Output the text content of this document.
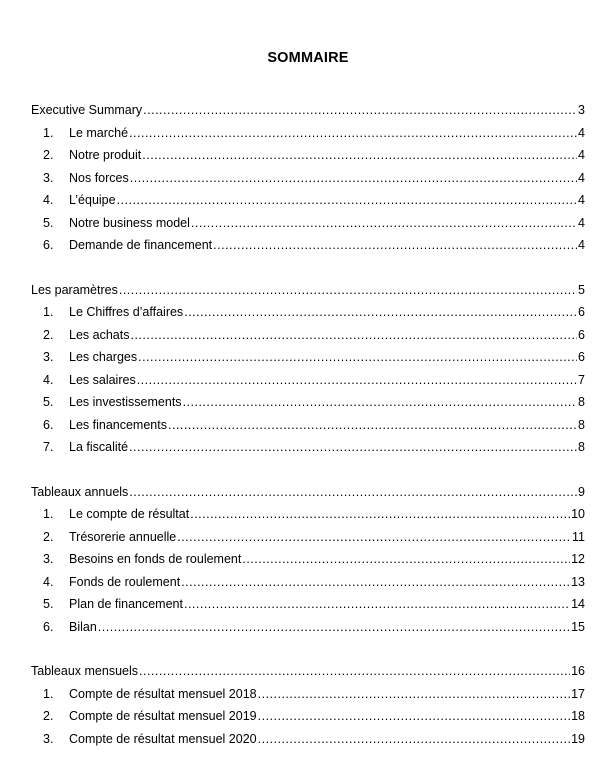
SOMMAIRE
Executive Summary .....	3
1.	Le marché .....	4
2.	Notre produit .....	4
3.	Nos forces .....	4
4.	L’équipe .....	4
5.	Notre business model .....	4
6.	Demande de financement .....	4
Les paramètres .....	5
1.	Le Chiffres d’affaires .....	6
2.	Les achats .....	6
3.	Les charges .....	6
4.	Les salaires .....	7
5.	Les investissements .....	8
6.	Les financements .....	8
7.	La fiscalité .....	8
Tableaux annuels .....	9
1.	Le compte de résultat .....	10
2.	Trésorerie annuelle .....	11
3.	Besoins en fonds de roulement .....	12
4.	Fonds de roulement .....	13
5.	Plan de financement .....	14
6.	Bilan .....	15
Tableaux mensuels .....	16
1.	Compte de résultat mensuel 2018 .....	17
2.	Compte de résultat mensuel 2019 .....	18
3.	Compte de résultat mensuel 2020 .....	19
